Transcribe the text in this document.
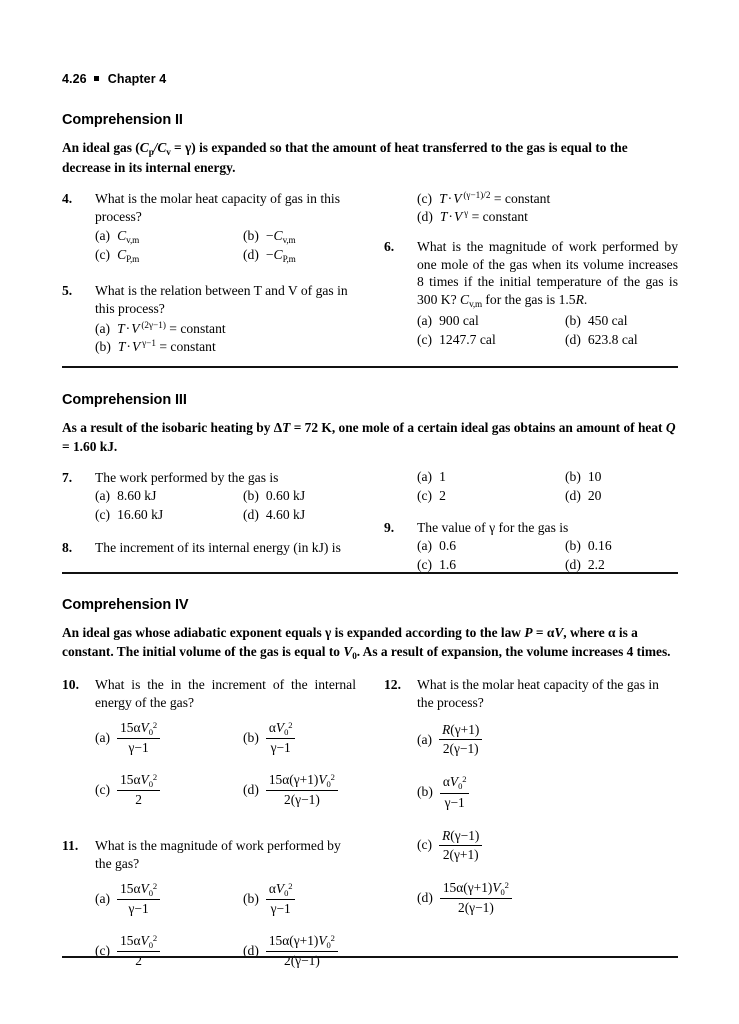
4.26 Chapter 4
Comprehension II
An ideal gas $(C_p/C_v = \gamma)$ is expanded so that the amount of heat transferred to the gas is equal to the decrease in its internal energy.
4. What is the molar heat capacity of gas in this process?
(a) $C_{v,m}$	$(b) -C_{v,m}$
(c) $C_{P,m}$	$(d) -C_{P,m}$
5. What is the relation between T and V of gas in this process?
(a) T·V $^{(2\gamma-1)}$ = constant
(b) T·V $^{\gamma-1}$ = constant
(c) T·V $^{(\gamma-1)/2}$ = constant
(d) T·V $^\gamma$ = constant
6. What is the magnitude of work performed by one mole of the gas when its volume increases 8 times if the initial temperature of the gas is 300 K? $C_{v,m}$ for the gas is 1.5R.
(a) 900 cal	(b) 450 cal
(c) 1247.7 cal	(d) 623.8 cal
Comprehension III
As a result of the isobaric heating by ΔT = 72 K, one mole of a certain ideal gas obtains an amount of heat Q = 1.60 kJ.
7. The work performed by the gas is
(a) 8.60 kJ	(b) 0.60 kJ
(c) 16.60 kJ	(d) 4.60 kJ
8. The increment of its internal energy (in kJ) is
(a) 1	(b) 10
(c) 2	(d) 20
9. The value of γ for the gas is
(a) 0.6	(b) 0.16
(c) 1.6	(d) 2.2
Comprehension IV
An ideal gas whose adiabatic exponent equals γ is expanded according to the law P = αV, where α is a constant. The initial volume of the gas is equal to $V_0$. As a result of expansion, the volume increases 4 times.
10. What is the in the increment of the internal energy of the gas?
$(a) \frac{15\alpha V_0^2}{\gamma-1}$	$(b) \frac{\alpha V_0^2}{\gamma-1}$
$(c) \frac{15\alpha V_0^2}{2}$	$(d) \frac{15\alpha(\gamma+1)V_0^2}{2(\gamma-1)}$
11. What is the magnitude of work performed by the gas?
$(a) \frac{15\alpha V_0^2}{\gamma-1}$	$(b) \frac{\alpha V_0^2}{\gamma-1}$
$(c) \frac{15\alpha V_0^2}{2}$	$(d) \frac{15\alpha(\gamma+1)V_0^2}{2(\gamma-1)}$
12. What is the molar heat capacity of the gas in the process?
$(a) \frac{R(\gamma+1)}{2(\gamma-1)}$
$(b) \frac{\alpha V_0^2}{\gamma-1}$
$(c) \frac{R(\gamma-1)}{2(\gamma+1)}$
$(d) \frac{15\alpha(\gamma+1)V_0^2}{2(\gamma-1)}$
